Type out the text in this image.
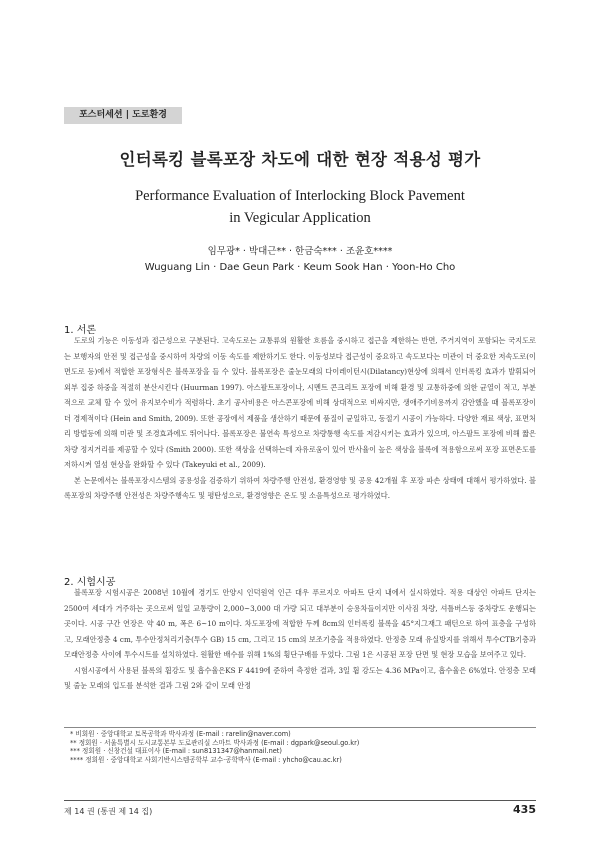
포스터세션 | 도로환경
인터록킹 블록포장 차도에 대한 현장 적용성 평가
Performance Evaluation of Interlocking Block Pavement
in Vegicular Application
임무광* · 박대근** · 한금숙*** · 조윤호****
Wuguang Lin · Dae Geun Park · Keum Sook Han · Yoon-Ho Cho
1. 서론

도로의 기능은 이동성과 접근성으로 구분된다. 고속도로는 교통류의 원활한 흐름을 중시하고 접근을 제한하는 반면, 주거지역이 포함되는 국지도로는 보행자의 안전 및 접근성을 중시하여 차량의 이동 속도를 제한하기도 한다. 이동성보다 접근성이 중요하고 속도보다는 미관이 더 중요한 저속도로(이면도로 등)에서 적합한 포장형식은 블록포장을 들 수 있다. 블록포장은 줄눈모래의 다이레이턴시(Dilatancy)현상에 의해서 인터록킹 효과가 발휘되어 외부 집중 하중을 적절히 분산시킨다 (Huurman 1997). 아스팔트포장이나, 시멘트 콘크리트 포장에 비해 환경 및 교통하중에 의한 균열이 적고, 부분적으로 교체 할 수 있어 유지보수비가 적렴하다. 초기 공사비용은 아스콘포장에 비해 상대적으로 비싸지만, 생애주기비용까지 감안했을 때 블록포장이 더 경제적이다 (Hein and Smith, 2009). 또한 공장에서 제품을 생산하기 때문에 품질이 균일하고, 동절기 시공이 가능하다. 다양한 재료 색상, 표면처리 방법등에 의해 미관 및 조경효과에도 뛰어나다. 블록포장은 불연속 특성으로 차량통행 속도를 저감시키는 효과가 있으며, 아스팔트 포장에 비해 짧은 차량 정지거리를 제공할 수 있다 (Smith 2000). 또한 색상을 선택하는데 자유로움이 있어 반사율이 높은 색상을 블록에 적용함으로써 포장 표면온도를 저하시켜 열섬 현상을 완화할 수 있다 (Takeyuki et al., 2009).

본 논문에서는 블록포장시스템의 공용성을 검증하기 위하여 차량주행 안전성, 환경영향 및 공용 42개월 후 포장 파손 상태에 대해서 평가하였다. 블록포장의 차량주행 안전성은 차량주행속도 및 평탄성으로, 환경영향은 온도 및 소음특성으로 평가하였다.

2. 시험시공

블록포장 시험시공은 2008년 10월에 경기도 안양시 인덕원역 인근 대우 푸르지오 아파트 단지 내에서 실시하였다. 적용 대상인 아파트 단지는 2500여 세대가 거주하는 곳으로써 일일 교통량이 2,000~3,000 대 가량 되고 대부분이 승용차들이지만 이사짐 차량, 셔틀버스등 중차량도 운행되는 곳이다. 시공 구간 연장은 약 40 m, 폭은 6~10 m이다. 차도포장에 적합한 두께 8cm의 인터록킹 블록을 45°지그재그 패턴으로 하여 표층을 구성하고, 모래안정층 4 cm, 투수안정처리기층(투수 GB) 15 cm, 그리고 15 cm의 보조기층을 적용하였다. 안정층 모래 유실방지를 위해서 투수CTB기층과 모래안정층 사이에 투수시트를 설치하였다. 원활한 배수를 위해 1%의 횡단구배를 두었다. 그림 1은 시공된 포장 단면 및 현장 모습을 보여주고 있다.

시험시공에서 사용된 블록의 휨강도 및 흡수율은KS F 4419에 준하여 측정한 결과, 3일 휨 강도는 4.36 MPa이고, 흡수율은 6%였다. 안정층 모래 및 줄눈 모래의 입도를 분석한 결과 그림 2와 같이 모래 안정

* 비회원 · 중앙대학교 토목공학과 박사과정 (E-mail : rarelin@naver.com)
** 정회원 · 서울특별시 도시교통본부 도로관리실 스마트 박사과정 (E-mail : dgpark@seoul.go.kr)
*** 정회원 · 신창건설 대표이사 (E-mail : sun8131347@hanmail.net)
**** 정회원 · 중앙대학교 사회기반시스템공학부 교수·공학박사 (E-mail : yhcho@cau.ac.kr)
제 14 권 (통권 제 14 집)	435
